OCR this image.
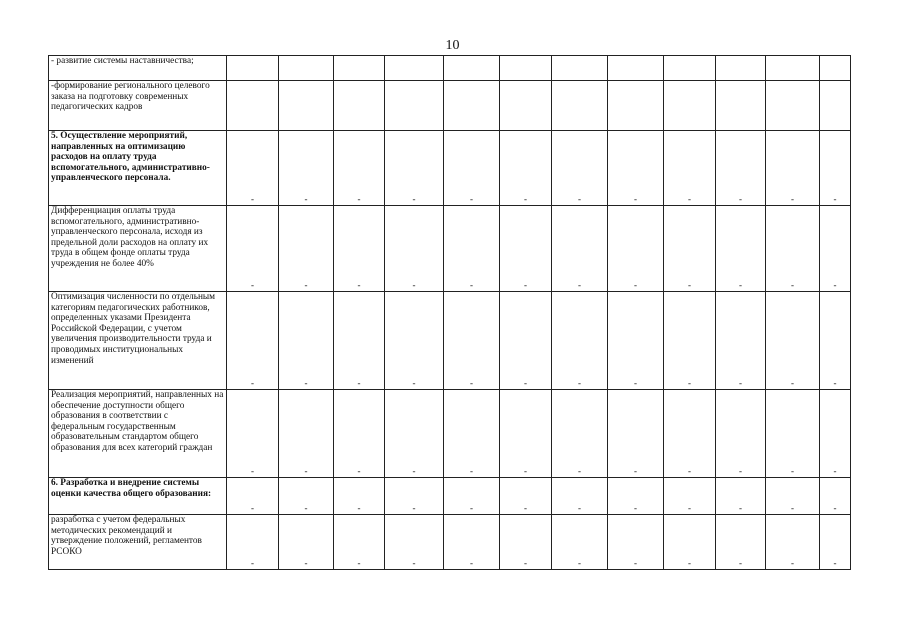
10
- развитие системы наставничества;												
-формирование регионального целевого заказа на подготовку современных педагогических кадров												
5. Осуществление мероприятий, направленных на оптимизацию расходов на оплату труда вспомогательного, административно-управленческого персонала.	-	-	-	-	-	-	-	-	-	-	-	-
Дифференциация оплаты труда вспомогательного, административно-управленческого персонала, исходя из предельной доли расходов на оплату их труда в общем фонде оплаты труда учреждения не более 40%	-	-	-	-	-	-	-	-	-	-	-	-
Оптимизация численности по отдельным категориям педагогических работников, определенных указами Президента Российской Федерации, с учетом увеличения производительности труда и проводимых институциональных изменений	-	-	-	-	-	-	-	-	-	-	-	-
Реализация мероприятий, направленных на обеспечение доступности общего образования в соответствии с федеральным государственным образовательным стандартом общего образования для всех категорий граждан	-	-	-	-	-	-	-	-	-	-	-	-
6. Разработка и внедрение системы оценки качества общего образования:	-	-	-	-	-	-	-	-	-	-	-	-
разработка с учетом федеральных методических рекомендаций и утверждение положений, регламентов РСОКО	-	-	-	-	-	-	-	-	-	-	-	-
